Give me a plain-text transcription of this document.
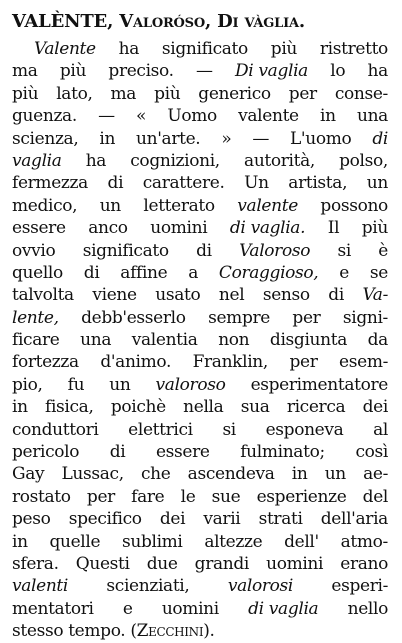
VALÈNTE, Valoróso, Di vàglia.
Valente ha significato più ristretto
ma più preciso. — Di vaglia lo ha
più lato, ma più generico per conse-
guenza. — « Uomo valente in una
scienza, in un'arte. » — L'uomo di
vaglia ha cognizioni, autorità, polso,
fermezza di carattere. Un artista, un
medico, un letterato valente possono
essere anco uomini di vaglia. Il più
ovvio significato di Valoroso si è
quello di affine a Coraggioso, e se
talvolta viene usato nel senso di Va-
lente, debb'esserlo sempre per signi-
ficare una valentia non disgiunta da
fortezza d'animo. Franklin, per esem-
pio, fu un valoroso esperimentatore
in fisica, poichè nella sua ricerca dei
conduttori elettrici si esponeva al
pericolo di essere fulminato; così
Gay Lussac, che ascendeva in un ae-
rostato per fare le sue esperienze del
peso specifico dei varii strati dell'aria
in quelle sublimi altezze dell' atmo-
sfera. Questi due grandi uomini erano
valenti scienziati, valorosi esperi-
mentatori e uomini di vaglia nello
stesso tempo. (Zecchini).
